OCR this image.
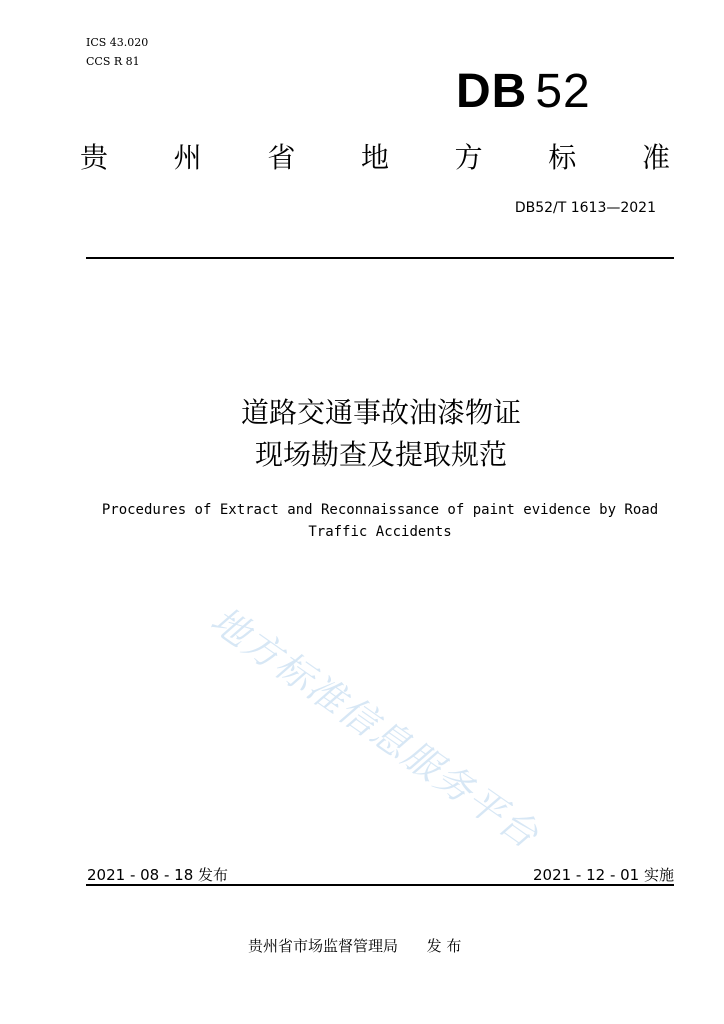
ICS 43.020
CCS R 81
DB 52
贵 州 省 地 方 标 准
DB52/T 1613—2021
道路交通事故油漆物证
现场勘查及提取规范
Procedures of Extract and Reconnaissance of paint evidence by Road
Traffic Accidents
地方标准信息服务平台
2021 - 08 - 18 发布	2021 - 12 - 01 实施
贵州省市场监督管理局 发 布
